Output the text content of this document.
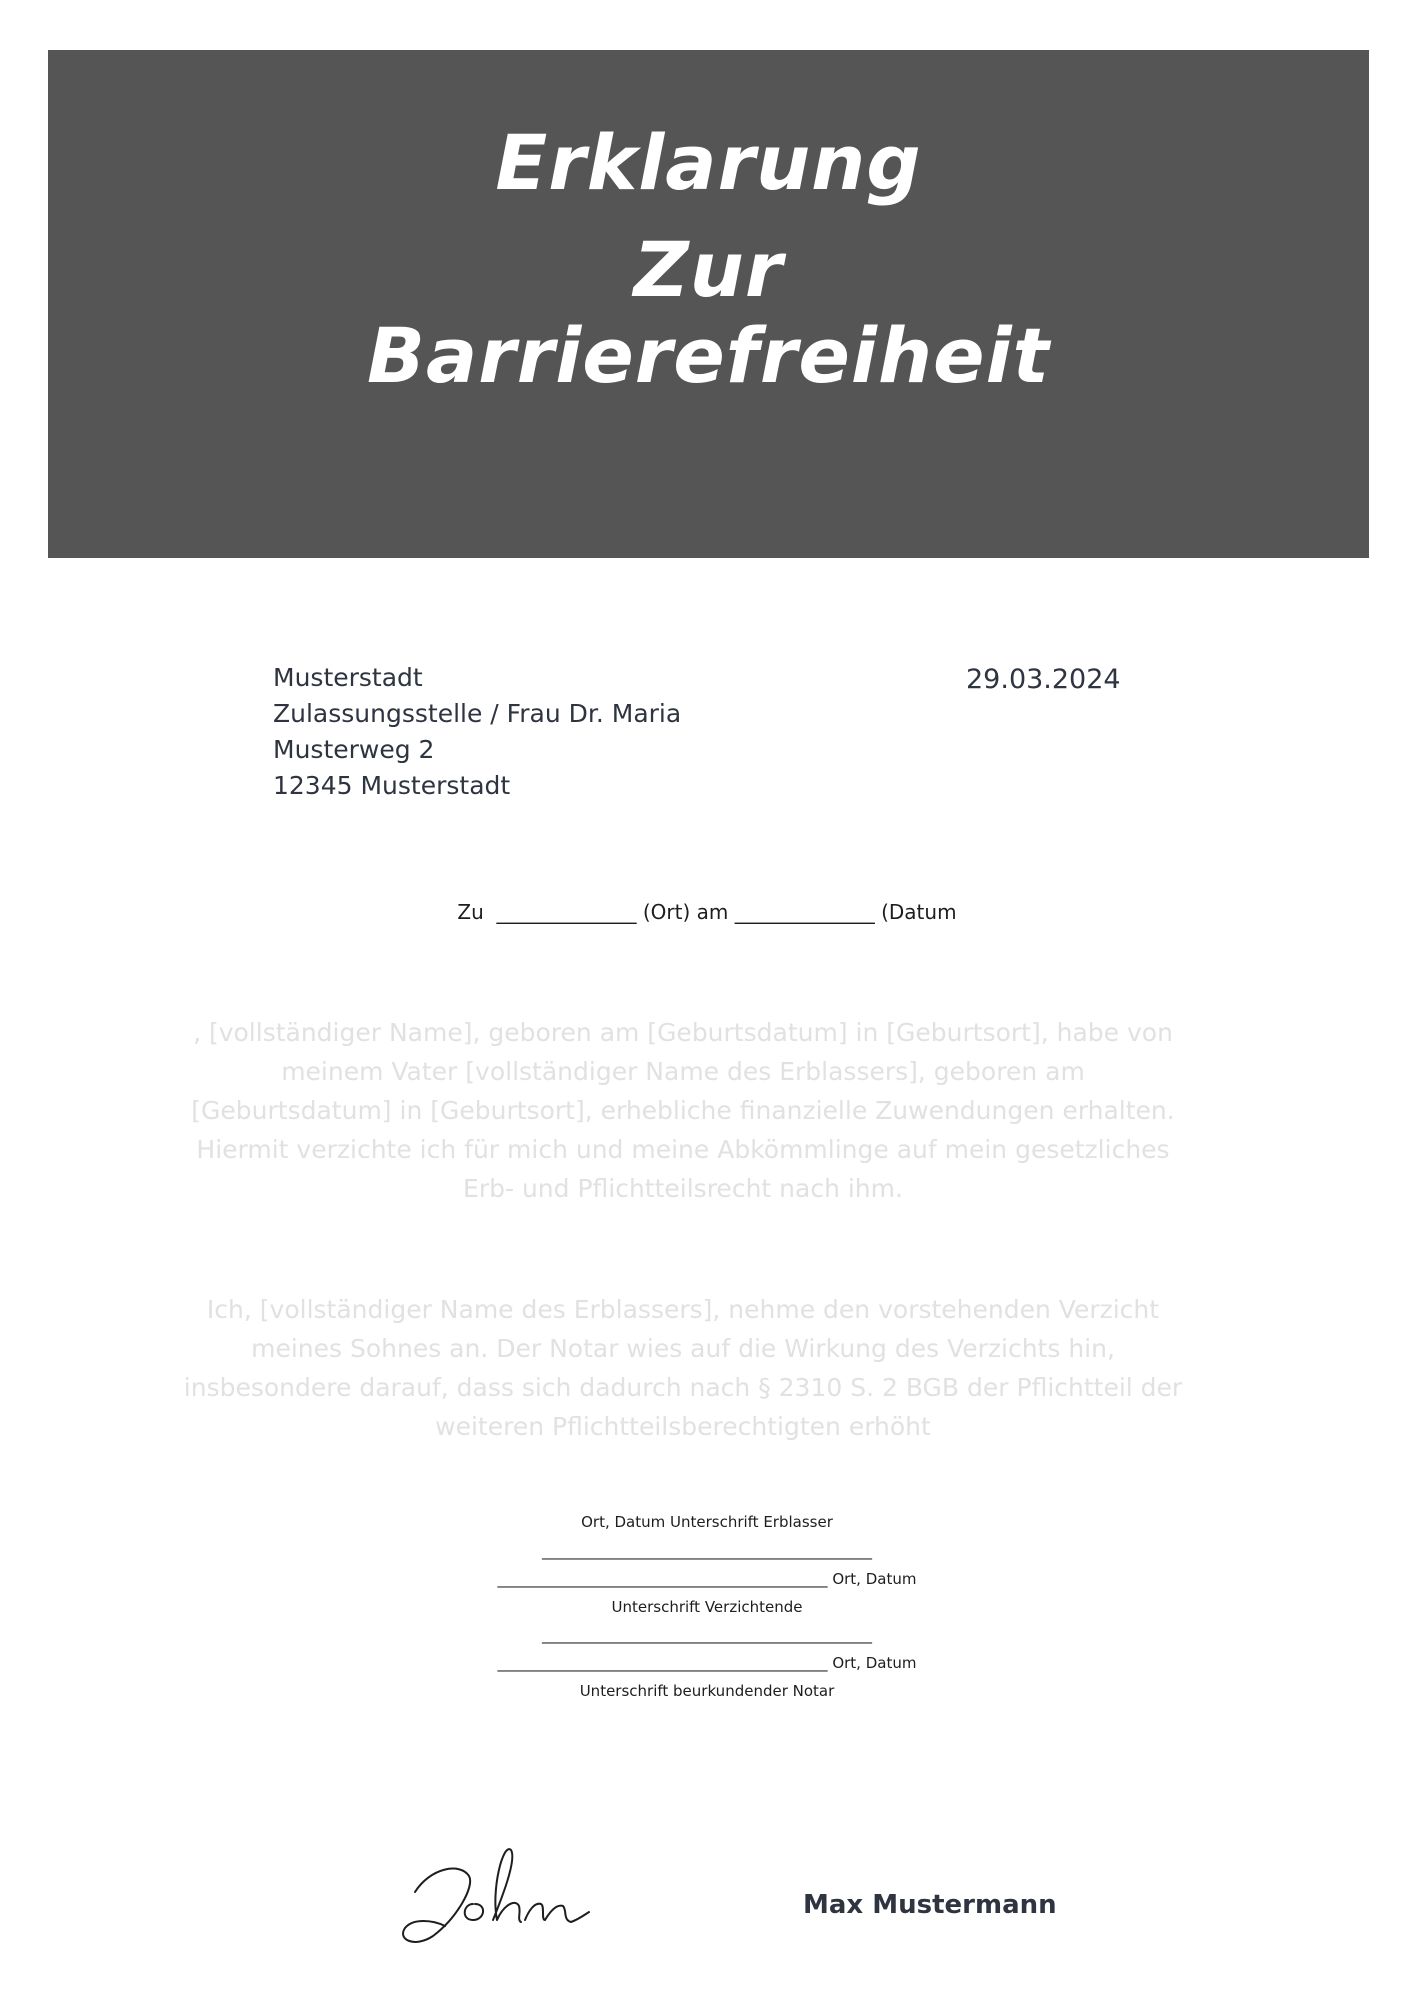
Erklarung
Zur
Barrierefreiheit
Musterstadt
Zulassungsstelle / Frau Dr. Maria
Musterweg 2
12345 Musterstadt
29.03.2024
Zu  ______________ (Ort) am ______________ (Datum

, [vollständiger Name], geboren am [Geburtsdatum] in [Geburtsort], habe von meinem Vater [vollständiger Name des Erblassers], geboren am [Geburtsdatum] in [Geburtsort], erhebliche finanzielle Zuwendungen erhalten. Hiermit verzichte ich für mich und meine Abkömmlinge auf mein gesetzliches Erb- und Pflichtteilsrecht nach ihm.

Ich, [vollständiger Name des Erblassers], nehme den vorstehenden Verzicht meines Sohnes an. Der Notar wies auf die Wirkung des Verzichts hin, insbesondere darauf, dass sich dadurch nach § 2310 S. 2 BGB der Pflichtteil der weiteren Pflichtteilsberechtigten erhöht

Ort, Datum Unterschrift Erblasser
____________________________________________
____________________________________________ Ort, Datum
Unterschrift Verzichtende
____________________________________________
____________________________________________ Ort, Datum
Unterschrift beurkundender Notar
Max Mustermann
